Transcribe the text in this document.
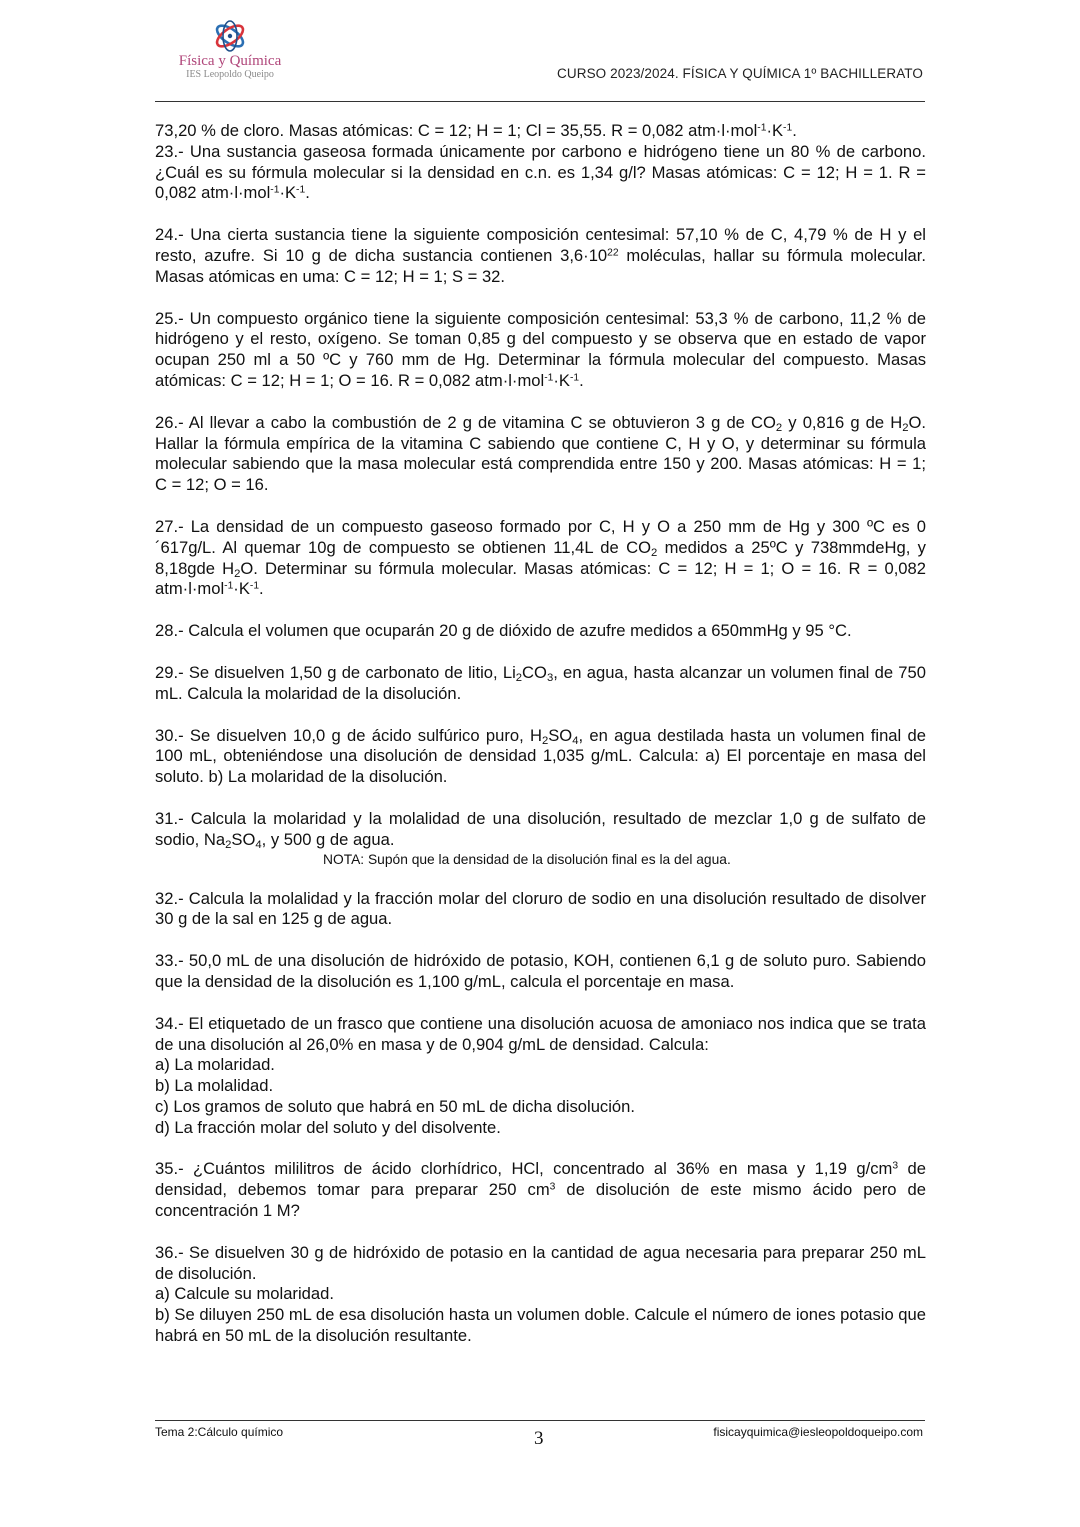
Física y Química
IES Leopoldo Queipo	CURSO 2023/2024. FÍSICA Y QUÍMICA 1º BACHILLERATO

73,20 % de cloro. Masas atómicas: C = 12; H = 1; Cl = 35,55. R = 0,082 $atm\cdot l\cdot mol^{-1}\cdot K^{-1}$.

23.- Una sustancia gaseosa formada únicamente por carbono e hidrógeno tiene un 80 % de carbono. ¿Cuál es su fórmula molecular si la densidad en c.n. es 1,34 g/l? Masas atómicas: C = 12; H = 1. R = 0,082 $atm\cdot l\cdot mol^{-1}\cdot K^{-1}$.

24.- Una cierta sustancia tiene la siguiente composición centesimal: 57,10 % de C, 4,79 % de H y el resto, azufre. Si 10 g de dicha sustancia contienen $3,6\cdot 10^{22}$ moléculas, hallar su fórmula molecular. Masas atómicas en uma: C = 12; H = 1; S = 32.

25.- Un compuesto orgánico tiene la siguiente composición centesimal: 53,3 % de carbono, 11,2 % de hidrógeno y el resto, oxígeno. Se toman 0,85 g del compuesto y se observa que en estado de vapor ocupan 250 ml a 50 ºC y 760 mm de Hg. Determinar la fórmula molecular del compuesto. Masas atómicas: C = 12; H = 1; O = 16. R = 0,082 $atm\cdot l\cdot mol^{-1}\cdot K^{-1}$.

26.- Al llevar a cabo la combustión de 2 g de vitamina C se obtuvieron 3 g de $CO_2$ y 0,816 g de $H_2O$. Hallar la fórmula empírica de la vitamina C sabiendo que contiene C, H y O, y determinar su fórmula molecular sabiendo que la masa molecular está comprendida entre 150 y 200. Masas atómicas: H = 1; C = 12; O = 16.

27.- La densidad de un compuesto gaseoso formado por C, H y O a 250 mm de Hg y 300 ºC es 0´617g/L. Al quemar 10g de compuesto se obtienen 11,4L de $CO_2$ medidos a 25ºC y 738mmdeHg, y 8,18gde $H_2O$. Determinar su fórmula molecular. Masas atómicas: C = 12; H = 1; O = 16. R = 0,082 $atm\cdot l\cdot mol^{-1}\cdot K^{-1}$.

28.- Calcula el volumen que ocuparán 20 g de dióxido de azufre medidos a 650mmHg y 95 °C.

29.- Se disuelven 1,50 g de carbonato de litio, $Li_2CO_3$, en agua, hasta alcanzar un volumen final de 750 mL. Calcula la molaridad de la disolución.

30.- Se disuelven 10,0 g de ácido sulfúrico puro, $H_2SO_4$, en agua destilada hasta un volumen final de 100 mL, obteniéndose una disolución de densidad 1,035 g/mL. Calcula: a) El porcentaje en masa del soluto. b) La molaridad de la disolución.

31.- Calcula la molaridad y la molalidad de una disolución, resultado de mezclar 1,0 g de sulfato de sodio, $Na_2SO_4$, y 500 g de agua.

NOTA: Supón que la densidad de la disolución final es la del agua.

32.- Calcula la molalidad y la fracción molar del cloruro de sodio en una disolución resultado de disolver 30 g de la sal en 125 g de agua.

33.- 50,0 mL de una disolución de hidróxido de potasio, KOH, contienen 6,1 g de soluto puro. Sabiendo que la densidad de la disolución es 1,100 g/mL, calcula el porcentaje en masa.

34.- El etiquetado de un frasco que contiene una disolución acuosa de amoniaco nos indica que se trata de una disolución al 26,0% en masa y de 0,904 g/mL de densidad. Calcula:

a) La molaridad.

b) La molalidad.

c) Los gramos de soluto que habrá en 50 mL de dicha disolución.

d) La fracción molar del soluto y del disolvente.

35.- ¿Cuántos mililitros de ácido clorhídrico, HCl, concentrado al 36% en masa y 1,19 $g/cm^3$ de densidad, debemos tomar para preparar 250 $cm^3$ de disolución de este mismo ácido pero de concentración 1 M?

36.- Se disuelven 30 g de hidróxido de potasio en la cantidad de agua necesaria para preparar 250 mL de disolución.

a) Calcule su molaridad.

b) Se diluyen 250 mL de esa disolución hasta un volumen doble. Calcule el número de iones potasio que habrá en 50 mL de la disolución resultante.

Tema 2:Cálculo químico	3	fisicayquimica@iesleopoldoqueipo.com
